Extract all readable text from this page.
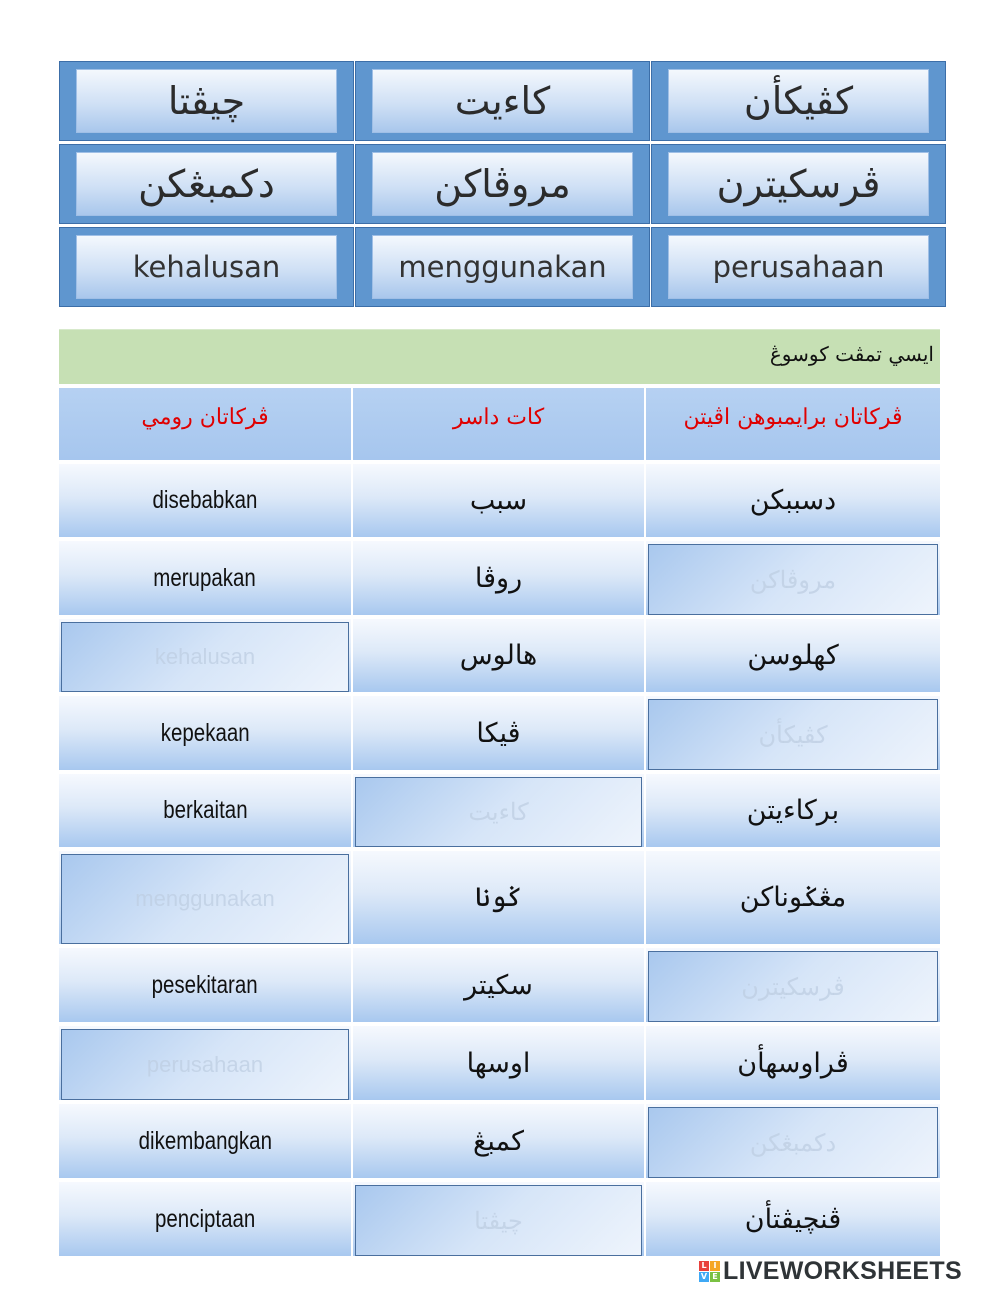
چيڤتا	کاءيت	کڤيکأن
دکمبڠکن	مروڤاکن	ڤرسکيترن
kehalusan	menggunakan	perusahaan
ايسي تمڤت کوسوڠ
ڤرکاتان رومي	کات داسر	ڤرکاتان برايمبوهن اڤيتن
disebabkan	سبب	دسببکن
merupakan	روڤا	مروڤاکن
kehalusan	هالوس	کهلوسن
kepekaan	ڤيکا	کڤيکأن
berkaitan	کاءيت	برکاءيتن
menggunakan	ݢونا	مڠݢوناکن
pesekitaran	سکيتر	ڤرسکيترن
perusahaan	اوسها	ڤراوسهأن
dikembangkan	کمبڠ	دکمبڠکن
penciptaan	چيڤتا	ڤنچيڤتأن
L I
V E LIVEWORKSHEETS
